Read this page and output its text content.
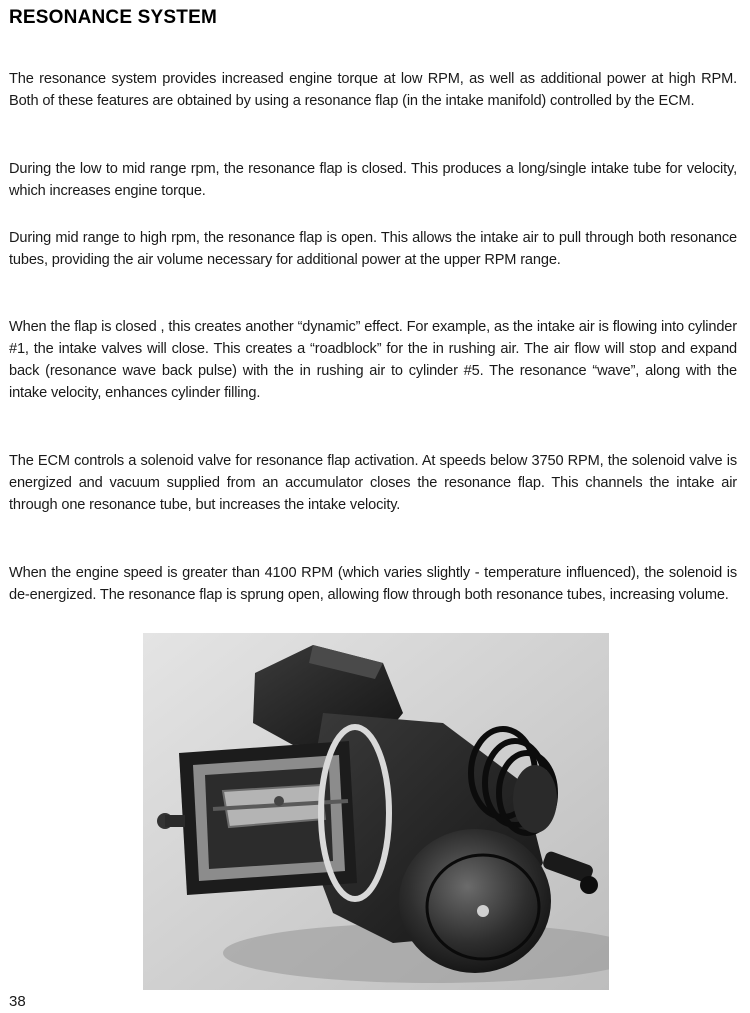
RESONANCE SYSTEM

The resonance system provides increased engine torque at low RPM, as well as additional power at high RPM. Both of these features are obtained by using a resonance flap (in the intake manifold) controlled by the ECM.

During the low to mid range rpm, the resonance flap is closed. This produces a long/single intake tube for velocity, which increases engine torque.

During mid range to high rpm, the resonance flap is open. This allows the intake air to pull through both resonance tubes, providing the air volume necessary for additional power at the upper RPM range.

When the flap is closed , this creates another “dynamic” effect. For example, as the intake air is flowing into cylinder #1, the intake valves will close. This creates a “roadblock” for the in rushing air. The air flow will stop and expand back (resonance wave back pulse) with the in rushing air to cylinder #5. The resonance “wave”, along with the intake velocity, enhances cylinder filling.

The ECM controls a solenoid valve for resonance flap activation. At speeds below 3750 RPM, the solenoid valve is energized and vacuum supplied from an accumulator closes the resonance flap. This channels the intake air through one resonance tube, but increases the intake velocity.

When the engine speed is greater than 4100 RPM (which varies slightly - temperature influenced), the solenoid is de-energized. The resonance flap is sprung open, allowing flow through both resonance tubes, increasing volume.

38
